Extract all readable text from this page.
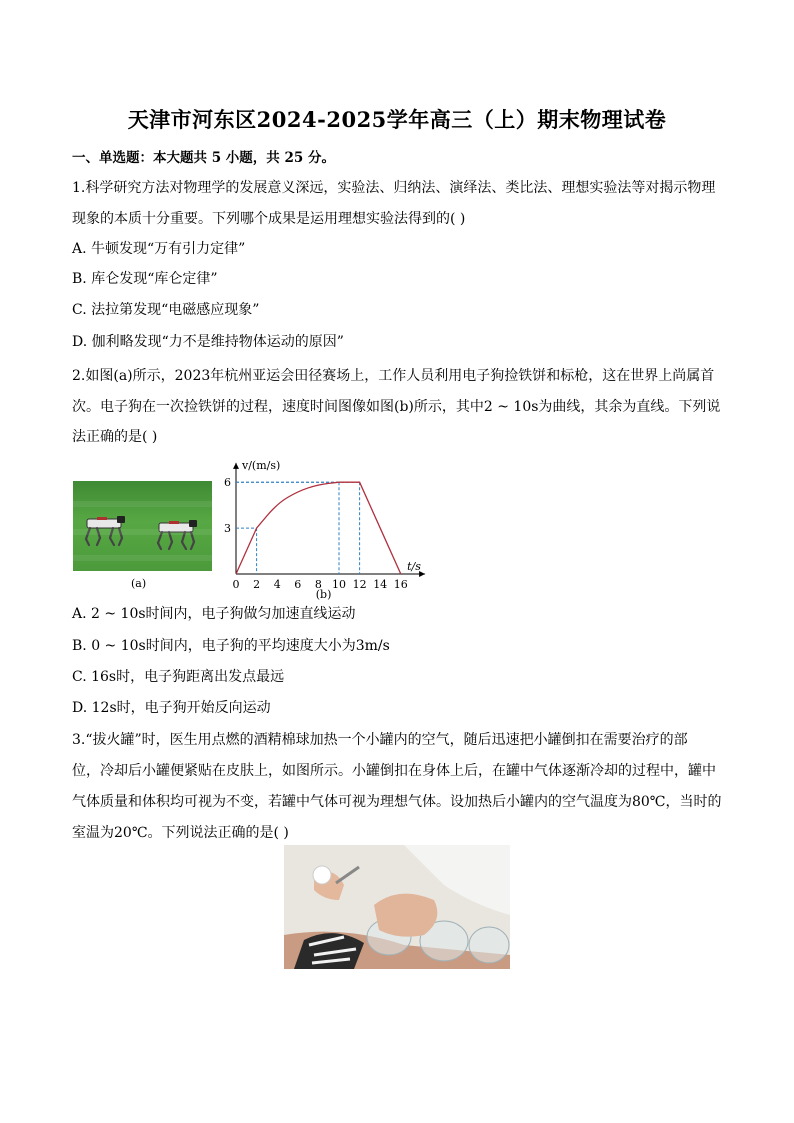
天津市河东区2024-2025学年高三（上）期末物理试卷
一、单选题：本大题共 5 小题，共 25 分。
1.科学研究方法对物理学的发展意义深远，实验法、归纳法、演绎法、类比法、理想实验法等对揭示物理
现象的本质十分重要。下列哪个成果是运用理想实验法得到的( )
A. 牛顿发现“万有引力定律”
B. 库仑发现“库仑定律”
C. 法拉第发现“电磁感应现象”
D. 伽利略发现“力不是维持物体运动的原因”
2.如图(a)所示，2023年杭州亚运会田径赛场上，工作人员利用电子狗捡铁饼和标枪，这在世界上尚属首
次。电子狗在一次捡铁饼的过程，速度时间图像如图(b)所示，其中2 ~ 10s为曲线，其余为直线。下列说
法正确的是( )
(a)
v/(m/s)
t/s
0 2 4 6 8 10 12 14 16
3
6
(b)
A. 2 ~ 10s时间内，电子狗做匀加速直线运动
B. 0 ~ 10s时间内，电子狗的平均速度大小为3m/s
C. 16s时，电子狗距离出发点最远
D. 12s时，电子狗开始反向运动
3.“拔火罐”时，医生用点燃的酒精棉球加热一个小罐内的空气，随后迅速把小罐倒扣在需要治疗的部
位，冷却后小罐便紧贴在皮肤上，如图所示。小罐倒扣在身体上后，在罐中气体逐渐冷却的过程中，罐中
气体质量和体积均可视为不变，若罐中气体可视为理想气体。设加热后小罐内的空气温度为80℃，当时的
室温为20℃。下列说法正确的是( )
